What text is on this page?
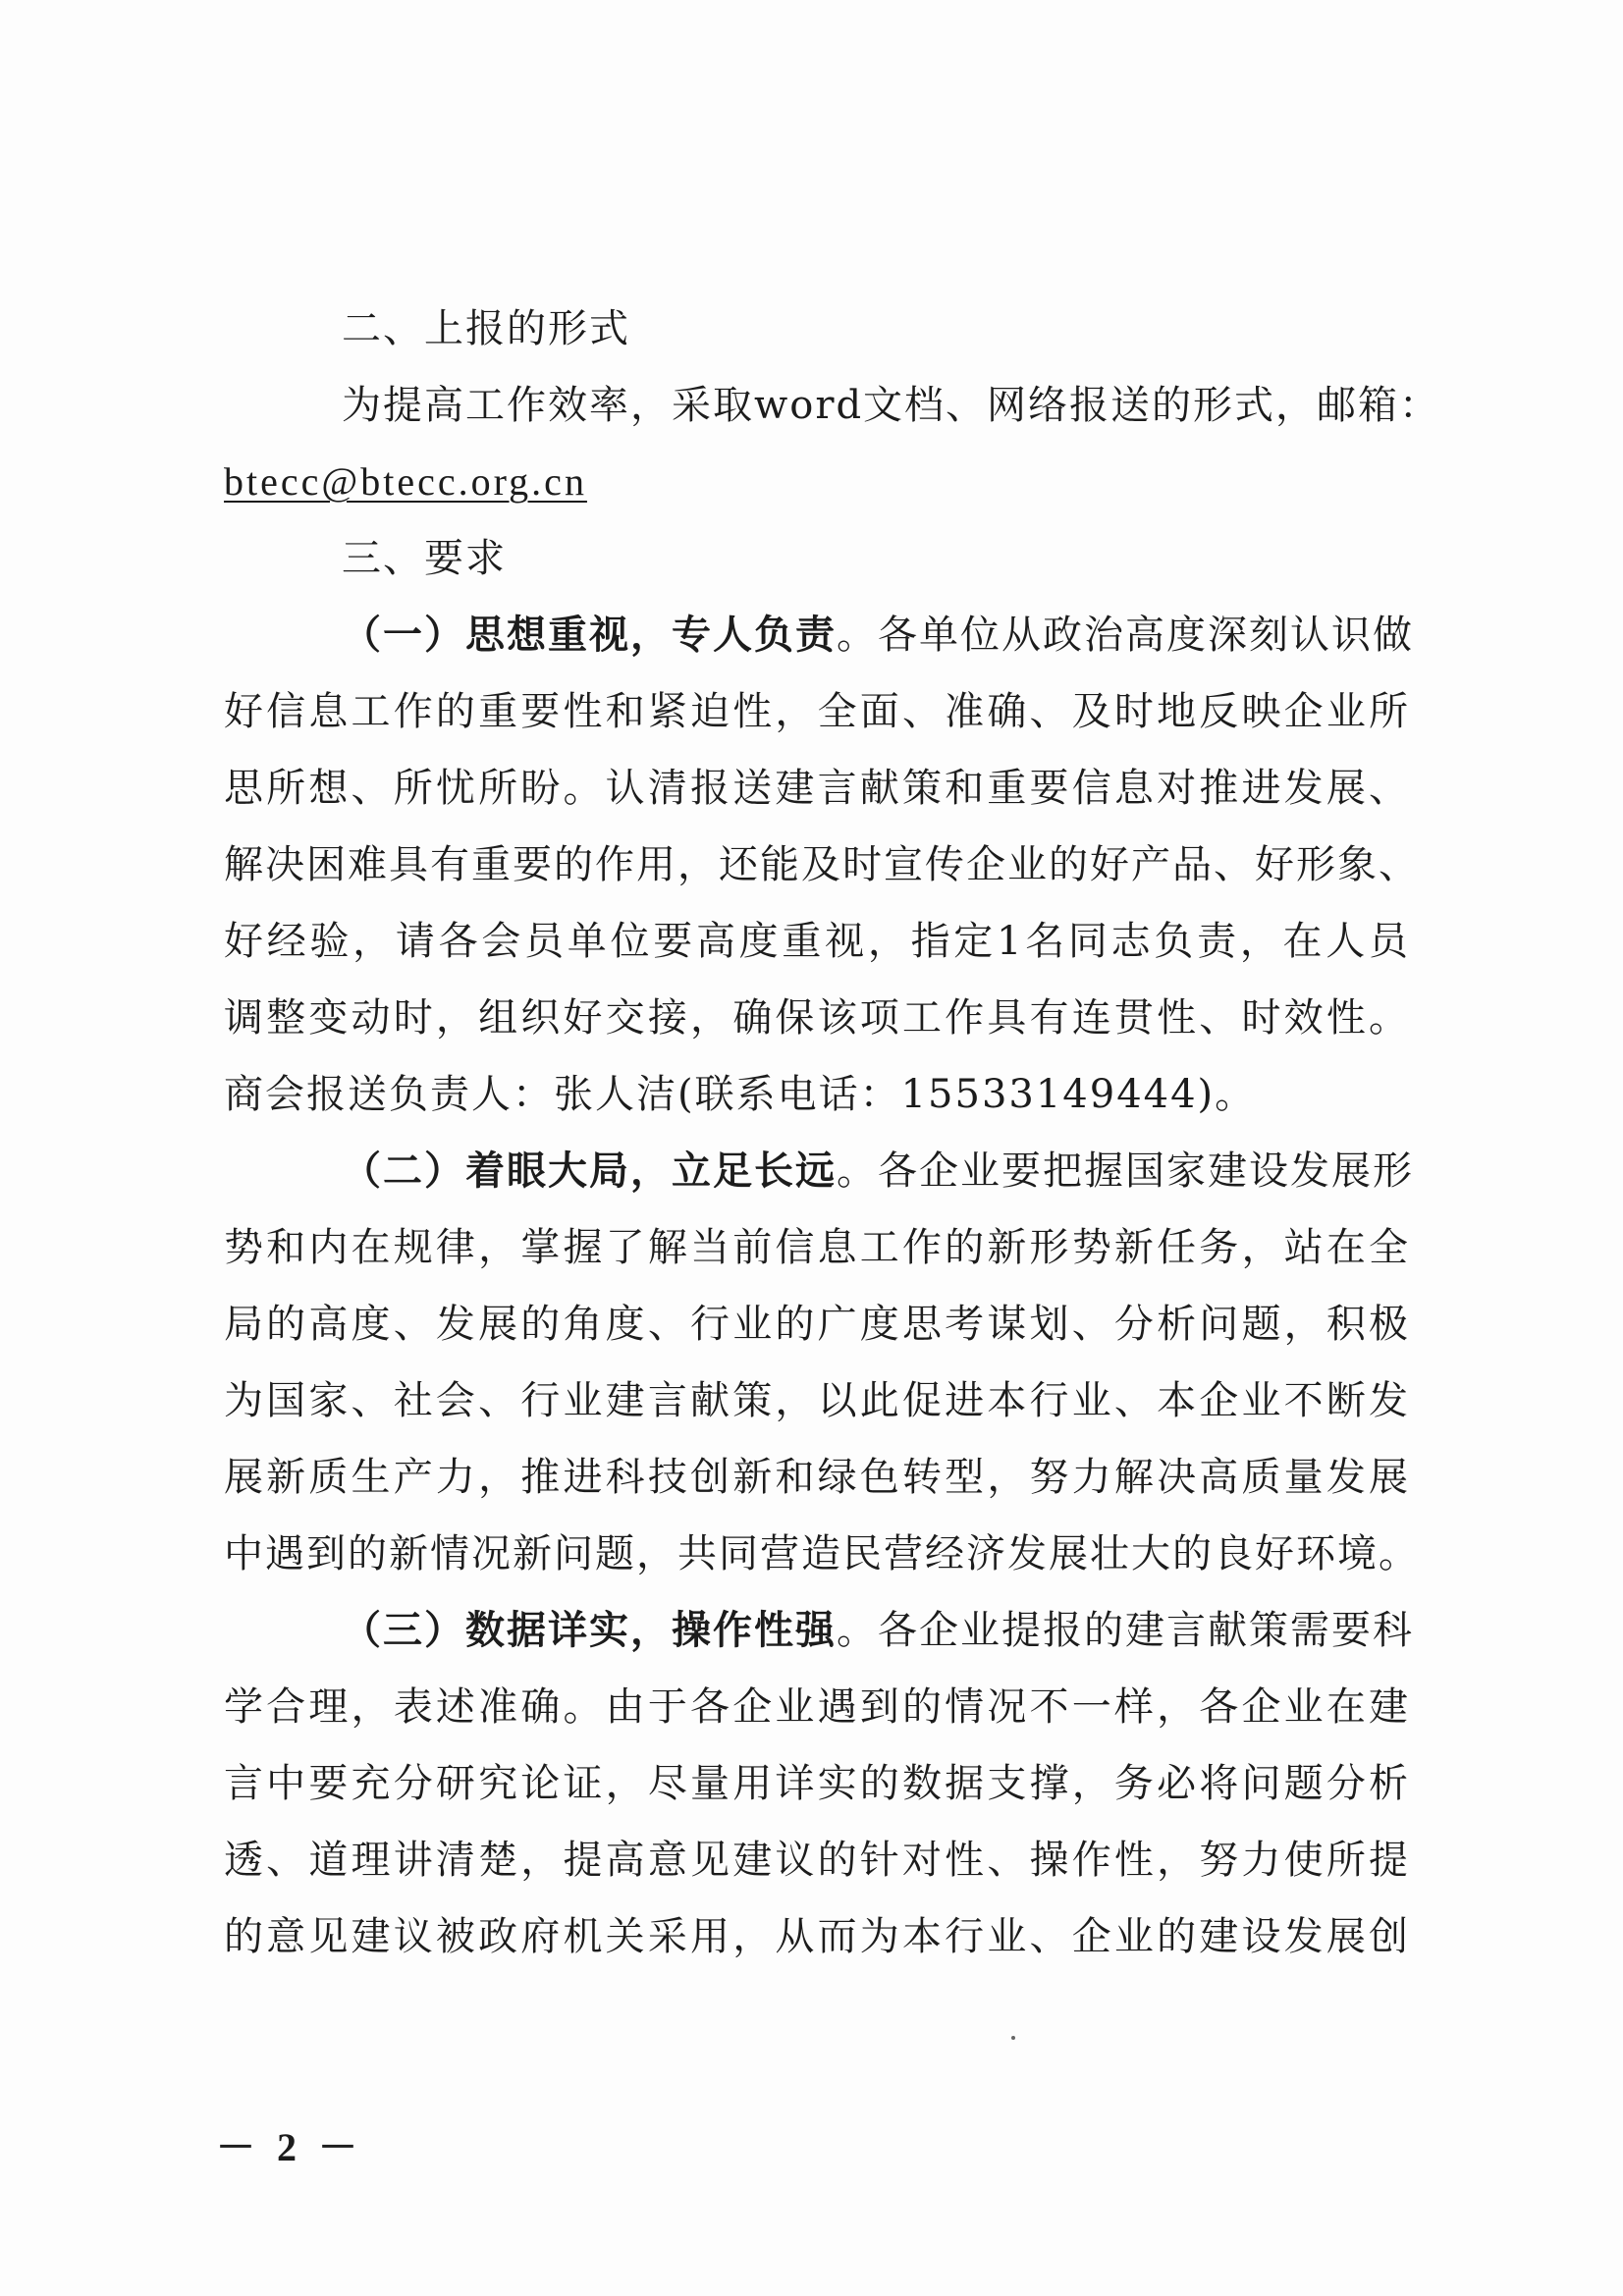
二、上报的形式
为提高工作效率，采取word文档、网络报送的形式，邮箱：
btecc@btecc.org.cn
三、要求
（一）思想重视，专人负责。各单位从政治高度深刻认识做
好信息工作的重要性和紧迫性，全面、准确、及时地反映企业所
思所想、所忧所盼。认清报送建言献策和重要信息对推进发展、
解决困难具有重要的作用，还能及时宣传企业的好产品、好形象、
好经验，请各会员单位要高度重视，指定1名同志负责，在人员
调整变动时，组织好交接，确保该项工作具有连贯性、时效性。
商会报送负责人：张人洁(联系电话：15533149444)。
（二）着眼大局，立足长远。各企业要把握国家建设发展形
势和内在规律，掌握了解当前信息工作的新形势新任务，站在全
局的高度、发展的角度、行业的广度思考谋划、分析问题，积极
为国家、社会、行业建言献策，以此促进本行业、本企业不断发
展新质生产力，推进科技创新和绿色转型，努力解决高质量发展
中遇到的新情况新问题，共同营造民营经济发展壮大的良好环境。
（三）数据详实，操作性强。各企业提报的建言献策需要科
学合理，表述准确。由于各企业遇到的情况不一样，各企业在建
言中要充分研究论证，尽量用详实的数据支撑，务必将问题分析
透、道理讲清楚，提高意见建议的针对性、操作性，努力使所提
的意见建议被政府机关采用，从而为本行业、企业的建设发展创
－ 2 －
